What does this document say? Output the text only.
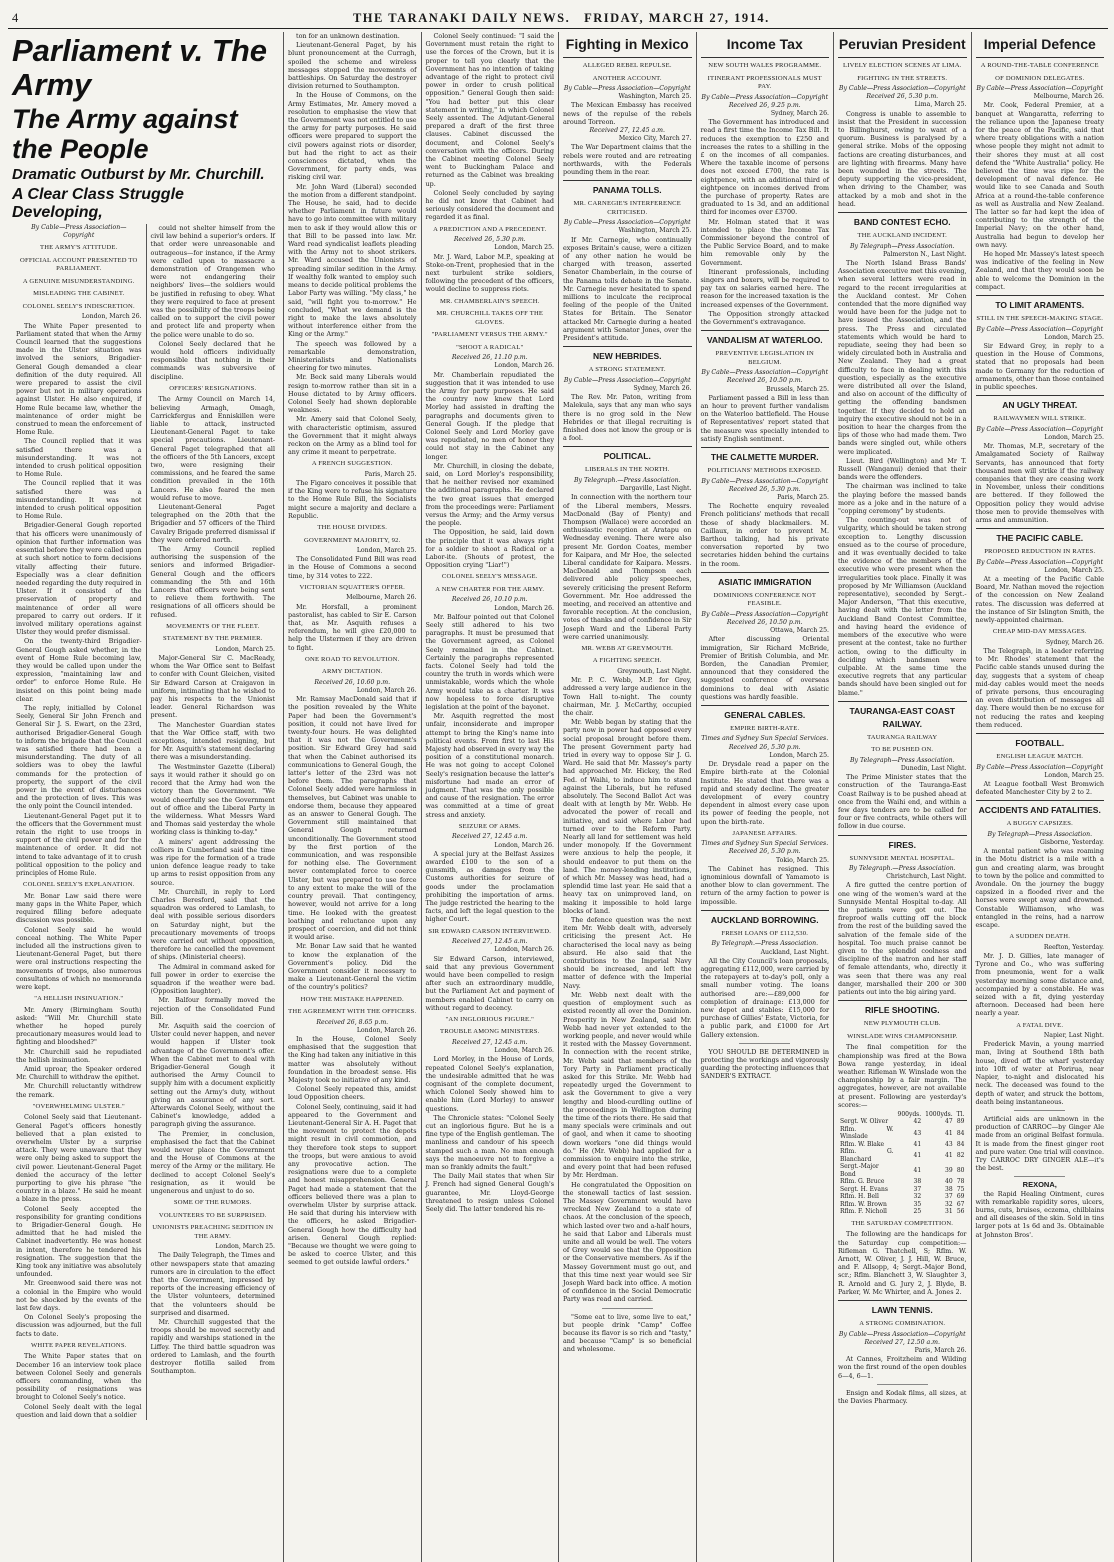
4	THE TARANAKI DAILY NEWS. FRIDAY, MARCH 27, 1914.
Parliament v. The Army
The Army against the People
Dramatic Outburst by Mr. Churchill.
A Clear Class Struggle Developing,
By Cable—Press Association—Copyright
THE ARMY'S ATTITUDE.
OFFICIAL ACCOUNT PRESENTED TO PARLIAMENT.
A GENUINE MISUNDERSTANDING.
MISLEADING THE CABINET.
COLONEL SEELY'S INDISCRETION.
London, March 26.

The White Paper presented to Parliament stated that when the Army Council learned that the suggestions made in the Ulster situation was involved the seniors, Brigadier-General Gough demanded a clear definition of the duty required. All were prepared to assist the civil power but not in military operations against Ulster. He also enquired, if Home Rule became law, whether the maintenance of order might be construed to mean the enforcement of Home Rule.

The Council replied that it was satisfied there was a misunderstanding. It was not intended to crush political opposition to Home Rule.

The Council replied that it was satisfied there was a misunderstanding. It was not intended to crush political opposition to Home Rule.

Brigadier-General Gough reported that his officers were unanimously of opinion that further information was essential before they were called upon at such short notice to form decisions vitally affecting their future. Especially was a clear definition needed regarding the duty required in Ulster. If it consisted of the preservation of property and maintenance of order all were prepared to carry out orders. If it involved military operations against Ulster they would prefer dismissal.

On the twenty-third Brigadier-General Gough asked whether, in the event of Home Rule becoming law, they would be called upon under the expression, "maintaining law and order" to enforce Home Rule. He insisted on this point being made clear.

The reply, initialled by Colonel Seely, General Sir John French and General Sir J. S. Ewart, on the 23rd, authorised Brigadier-General Gough to inform the brigade that the Council was satisfied there had been a misunderstanding. The duty of all soldiers was to obey the lawful commands for the protection of property, the support of the civil power in the event of disturbances and the protection of lives. This was the only point the Council intended.

Lieutenant-General Paget put it to the officers that the Government must retain the right to use troops in support of the civil power and for the maintenance of order. It did not intend to take advantage of it to crush political opposition to the policy and principles of Home Rule.

COLONEL SEELY'S EXPLANATION.

Mr. Bonar Law said there were many gaps in the White Paper, which required filling before adequate discussion was possible.

Colonel Seely said he would conceal nothing. The White Paper included all the instructions given to Lieutenant-General Paget, but there were oral instructions respecting the movements of troops, also numerous consultations of which no memoranda were kept.

"A HELLISH INSINUATION."

Mr. Amery (Birmingham South) asked: "Will Mr. Churchill state whether he hoped purely precautionary measures would lead to fighting and bloodshed?"

Mr. Churchill said he repudiated the hellish insinuation.

Amid uproar, the Speaker ordered Mr. Churchill to withdraw the epithet.

Mr. Churchill reluctantly withdrew the remark.

"OVERWHELMING ULSTER."

Colonel Seely said that Lieutenant-General Paget's officers honestly believed that a plan existed to overwhelm Ulster by a surprise attack. They were unaware that they were only being asked to support the civil power. Lieutenant-General Paget denied the accuracy of the letter purporting to give his phrase "the country in a blaze." He said he meant a blaze in the press.

Colonel Seely accepted the responsibility for granting conditions to Brigadier-General Gough. He admitted that he had misled the Cabinet inadvertently. He was honest in intent, therefore he tendered his resignation. The suggestion that the King took any initiative was absolutely unfounded.

Mr. Greenwood said there was not a colonial in the Empire who would not be shocked by the events of the last few days.

On Colonel Seely's proposing the discussion was adjourned, but the full facts to date.

WHITE PAPER REVELATIONS.

The White Paper states that on December 16 an interview took place between Colonel Seely and generals officers commanding, when the possibility of resignations was brought to Colonel Seely's notice.

Colonel Seely dealt with the legal question and laid down that a soldier

could not shelter himself from the civil law behind a superior's orders. If that order were unreasonable and outrageous—for instance, if the Army were called upon to massacre a demonstration of Orangemen who were not endangering their neighbors' lives—the soldiers would be justified in refusing to obey. What they were required to face at present was the possibility of the troops being called on to support the civil power and protect life and property when the police were unable to do so.

Colonel Seely declared that he would hold officers individually responsible that nothing in their commands was subversive of discipline.

OFFICERS' RESIGNATIONS.

The Army Council on March 14, believing Armagh, Omagh, Carrickfergus and Enniskillen were liable to attack, instructed Lieutenant-General Paget to take special precautions. Lieutenant-General Paget telegraphed that all the officers of the 5th Lancers, except two, were resigning their commissions, and he feared the same condition prevailed in the 16th Lancers. He also feared the men would refuse to move.

Lieutenant-General Paget telegraphed on the 20th that the Brigadier and 57 officers of the Third Cavalry Brigade preferred dismissal if they were ordered north.

The Army Council replied authorising the suspension of the seniors and informed Brigadier-General Gough and the officers commanding the 5th and 16th Lancers that officers were being sent to relieve them forthwith. The resignations of all officers should be refused.

MOVEMENTS OF THE FLEET.
STATEMENT BY THE PREMIER.
London, March 25.

Major-General Sir C. MacReady, whom the War Office sent to Belfast to confer with Count Gleichen, visited Sir Edward Carson at Craigavon in uniform, intimating that he wished to pay his respects to the Unionist leader. General Richardson was present.

The Manchester Guardian states that the War Office staff, with two exceptions, intended resigning, but for Mr. Asquith's statement declaring there was a misunderstanding.

The Westminster Gazette (Liberal) says it would rather it should go on record that the Army had won the victory than the Government. "We would cheerfully see the Government out of office and the Liberal Party in the wilderness. What Messrs Ward and Thomas said yesterday the whole working class is thinking to-day."

A miners' agent addressing the colliers in Cumberland said the time was ripe for the formation of a trade union defence league ready to take up arms to resist opposition from any source.

Mr. Churchill, in reply to Lord Charles Beresford, said that the squadron was ordered to Lamlash, to deal with possible serious disorders on Saturday night, but the precautionary movements of troops were carried out without opposition, therefore he cancelled the movement of ships. (Ministerial cheers).

The Admiral in command asked for full power in order to exercise the squadron if the weather were bad. (Opposition laughter).

Mr. Balfour formally moved the rejection of the Consolidated Fund Bill.

Mr. Asquith said the coercion of Ulster could never happen, and never would happen if Ulster took advantage of the Government's offer. When the Cabinet met to deal with Brigadier-General Gough it authorised the Army Council to supply him with a document explicitly setting out the Army's duty, without giving an assurance of any sort. Afterwards Colonel Seely, without the Cabinet's knowledge, added a paragraph giving the assurance.

The Premier, in conclusion, emphasised the fact that the Cabinet would never place the Government and the House of Commons at the mercy of the Army or the military. He declined to accept Colonel Seely's resignation, as it would be ungenerous and unjust to do so.

SOME OF THE RUMORS.
VOLUNTEERS TO BE SURPRISED.
UNIONISTS PREACHING SEDITION IN THE ARMY.
London, March 25.

The Daily Telegraph, the Times and other newspapers state that amazing rumors are in circulation to the effect that the Government, impressed by reports of the increasing efficiency of the Ulster volunteers, determined that the volunteers should be surprised and disarmed.

Mr. Churchill suggested that the troops should be moved secretly and rapidly and warships stationed in the Liffey. The third battle squadron was ordered to Lamlash, and the fourth destroyer flotilla sailed from Southampton.

ton for an unknown destination.

Lieutenant-General Paget, by his blunt pronouncement at the Curragh, spoiled the scheme and wireless messages stopped the movements of battleships. On Saturday the destroyer division returned to Southampton.

In the House of Commons, on the Army Estimates, Mr. Amery moved a resolution to emphasise the view that the Government was not entitled to use the army for party purposes. He said officers were prepared to support the civil powers against riots or disorder, but had the right to act as their consciences dictated, when the Government, for party ends, was risking civil war.

Mr. John Ward (Liberal) seconded the motion from a different standpoint. The House, he said, had to decide whether Parliament in future would have to go into committee with military men to ask if they would allow this or that Bill to be passed into law. Mr. Ward read syndicalist leaflets pleading with the Army not to shoot strikers. Mr. Ward accused the Unionists of spreading similar sedition in the Army. If wealthy folk wanted to employ such means to decide political problems the Labor Party was willing. "My class," he said, "will fight you to-morrow." He concluded, "What we demand is the right to make the laws absolutely without interference either from the King or the Army."

The speech was followed by a remarkable demonstration, Ministerialists and Nationalists cheering for two minutes.

Mr. Beck said many Liberals would resign to-morrow rather than sit in a House dictated to by Army officers. Colonel Seely had shown deplorable weakness.

Mr. Amery said that Colonel Seely, with characteristic optimism, assured the Government that it might always reckon on the Army as a blind tool for any crime it meant to perpetrate.

A FRENCH SUGGESTION.
Paris, March 25.

The Figaro conceives it possible that if the King were to refuse his signature to the Home Rule Bill, the Socialists might secure a majority and declare a Republic.

THE HOUSE DIVIDES.
GOVERNMENT MAJORITY, 92.
London, March 25.

The Consolidated Fund Bill was read in the House of Commons a second time, by 314 votes to 222.

VICTORIAN SQUATTER'S OFFER.
Melbourne, March 26.

Mr. Horsfall, a prominent pastoralist, has cabled to Sir E. Carson that, as Mr. Asquith refuses a referendum, he will give £20,000 to help the Ulstermen if they are driven to fight.

ONE ROAD TO REVOLUTION.
ARMY DICTATION.
Received 26, 10.60 p.m.
London, March 26.

Mr. Ramsay MacDonald said that if the position revealed by the White Paper had been the Government's position, it could not have lived for twenty-four hours. He was delighted that it was not the Government's position. Sir Edward Grey had said that when the Cabinet authorised its communications to General Gough, the latter's letter of the 23rd was not before them. The paragraphs that Colonel Seely added were harmless in themselves, but Cabinet was unable to endorse them, because they appeared as an answer to General Gough. The Government still maintained that General Gough returned unconditionally. The Government stood by the first portion of the communication, and was responsible for nothing else. The Government never contemplated force to coerce Ulster, but was prepared to use force to any extent to make the will of the country prevail. That contingency, however, would not arrive for a long time. He looked with the greatest loathing and reluctance upon any prospect of coercion, and did not think it would arise.

Mr. Bonar Law said that he wanted to know the explanation of the Government's policy. Did the Government consider it necessary to make a Lieutenant-General the victim of the country's politics?

HOW THE MISTAKE HAPPENED.
THE AGREEMENT WITH THE OFFICERS.
Received 26, 8.65 p.m.
London, March 26.

In the House, Colonel Seely emphasised that the suggestion that the King had taken any initiative in this matter was absolutely without foundation in the broadest sense. His Majesty took no initiative of any kind.

Colonel Seely repeated this, amidst loud Opposition cheers.

Colonel Seely, continuing, said it had appeared to the Government and Lieutenant-General Sir A. H. Paget that the movement to protect the depots might result in civil commotion, and they therefore took steps to support the troops, but were anxious to avoid any provocative action. The resignations were due to a complete and honest misapprehension. General Paget had made a statement that the officers believed there was a plan to overwhelm Ulster by surprise attack. He said that during his interview with the officers, he asked Brigadier-General Gough how the difficulty had arisen. General Gough replied: "Because we thought we were going to be asked to coerce Ulster, and this seemed to get outside lawful orders."

Colonel Seely continued: "I said the Government must retain the right to use the forces of the Crown, but it is proper to tell you clearly that the Government has no intention of taking advantage of the right to protect civil power in order to crush political opposition." General Gough then said: "You had better put this clear statement in writing," in which Colonel Seely assented. The Adjutant-General prepared a draft of the first three clauses. Cabinet discussed the document, and Colonel Seely's conversation with the officers. During the Cabinet meeting Colonel Seely went to Buckingham Palace and returned as the Cabinet was breaking up.

Colonel Seely concluded by saying he did not know that Cabinet had seriously considered the document and regarded it as final.

A PREDICTION AND A PRECEDENT.
Received 26, 5.30 p.m.
London, March 25.

Mr. J. Ward, Labor M.P., speaking at Stoke-on-Trent, prophesied that in the next turbulent strike soldiers, following the precedent of the officers, would decline to suppress riots.

MR. CHAMBERLAIN'S SPEECH.
MR. CHURCHILL TAKES OFF THE GLOVES.
"PARLIAMENT VERSUS THE ARMY."
"SHOOT A RADICAL"
Received 26, 11.10 p.m.
London, March 26.

Mr. Chamberlain repudiated the suggestion that it was intended to use the Army for party purposes. He said the country now knew that Lord Morley had assisted in drafting the paragraphs and documents given to General Gough. If the pledge that Colonel Seely and Lord Morley gave was repudiated, no men of honor they could not stay in the Cabinet any longer.

Mr. Churchill, in closing the debate, said, on Lord Morley's responsibility, that he neither revised nor examined the additional paragraphs. He declared the two great issues that emerged from the proceedings were: Parliament versus the Army; and the Army versus the people.

The Opposition, he said, laid down the principle that it was always right for a soldier to shoot a Radical or a Labor-ite. (Shouts of protest, the Opposition crying "Liar!")

COLONEL SEELY'S MESSAGE.
A NEW CHARTER FOR THE ARMY.
Received 26, 10.10 p.m.
London, March 26.

Mr. Balfour pointed out that Colonel Seely still adhered to his two paragraphs. It must be presumed that the Government agreed, as Colonel Seely remained in the Cabinet. Certainly the paragraphs represented facts. Colonel Seely had told the country the truth in words which were unmistakable, words which the whole Army would take as a charter. It was now hopeless to force disruptive legislation at the point of the bayonet.

Mr. Asquith regretted the most unfair, inconsiderate and improper attempt to bring the King's name into political events. From first to last His Majesty had observed in every way the position of a constitutional monarch. He was not going to accept Colonel Seely's resignation because the latter's misfortune had made an error of judgment. That was the only possible and cause of the resignation. The error was committed at a time of great stress and anxiety.

SEIZURE OF ARMS.
Received 27, 12.45 a.m.
London, March 26.

A special jury at the Belfast Assizes awarded £100 to the son of a gunsmith, as damages from the Customs authorities for seizure of goods under the proclamation prohibiting the importation of arms. The judge restricted the hearing to the facts, and left the legal question to the higher Court.

SIR EDWARD CARSON INTERVIEWED.
Received 27, 12.45 a.m.
London, March 26.

Sir Edward Carson, interviewed, said that any previous Government would have been compelled to resign after such an extraordinary muddle, but the Parliament Act and payment of members enabled Cabinet to carry on without regard to decency.

"AN INGLORIOUS FIGURE."
TROUBLE AMONG MINISTERS.
Received 27, 12.45 a.m.
London, March 26.

Lord Morley, in the House of Lords, repeated Colonel Seely's explanation, the undesirable admitted that he was cognisant of the complete document, which Colonel Seely showed him to enable him (Lord Morley) to answer questions.

The Chronicle states: "Colonel Seely cut an inglorious figure. But he is a fine type of the English gentleman. The manliness and candour of his speech stamped such a man. No man enough says the manoeuvre not to forgive a man so frankly admits the fault."

The Daily Mail states that when Sir J. French had signed General Gough's guarantee, Mr. Lloyd-George threatened to resign unless Colonel Seely did. The latter tendered his re-

Fighting in Mexico
ALLEGED REBEL REPULSE.
ANOTHER ACCOUNT.
By Cable—Press Association—Copyright
Washington, March 25.

The Mexican Embassy has received news of the repulse of the rebels around Torreon.

Received 27, 12.45 a.m.
Mexico City, March 27.

The War Department claims that the rebels were routed and are retreating northwards, with the Federals pounding them in the rear.

PANAMA TOLLS.
MR. CARNEGIE'S INTERFERENCE CRITICISED.
By Cable—Press Association—Copyright
Washington, March 25.

If Mr. Carnegie, who continually exposes Britain's cause, were a citizen of any other nation he would be charged with treason, asserted Senator Chamberlain, in the course of the Panama tolls debate in the Senate. Mr. Carnegie never hesitated to spend millions to inculcate the reciprocal feeling of the people of the United States for Britain. The Senator attacked Mr. Carnegie during a heated argument with Senator Jones, over the President's attitude.

NEW HEBRIDES.
A STRONG STATEMENT.
By Cable—Press Association—Copyright
Sydney, March 26.

The Rev. Mr. Paton, writing from Malekula, says that any man who says there is no grog sold in the New Hebrides or that illegal recruiting is finished does not know the group or is a fool.

POLITICAL.
LIBERALS IN THE NORTH.
By Telegraph.—Press Association.
Dargaville, Last Night.

In connection with the northern tour of the Liberal members, Messrs. MacDonald (Bay of Plenty) and Thompson (Wallace) were accorded an enthusiastic reception at Aratapu on Wednesday evening. There were also present Mr. Gordon Coates, member for Kaipara, and Mr Hoe, the selected Liberal candidate for Kaipara. Messrs. MacDonald and Thompson each delivered able policy speeches, severely criticising the present Reform Government. Mr. Hoe addressed the meeting, and received an attentive and favorable reception. At the conclusion, votes of thanks and of confidence in Sir Joseph Ward and the Liberal Party were carried unanimously.

MR. WEBB AT GREYMOUTH.
A FIGHTING SPEECH.
Greymouth, Last Night.

Mr. P. C. Webb, M.P. for Grey, addressed a very large audience in the Town Hall to-night. The county chairman, Mr. J. McCarthy, occupied the chair.

Mr. Webb began by stating that the party now in power had opposed every social proposal brought before them. The present Government party had tried in every way to oppose Sir J. G. Ward. He said that Mr. Massey's party had approached Mr. Hickey, the Red Fed. of Waihi, to induce him to stand against the Liberals, but he refused absolutely. The Second Ballot Act was dealt with at length by Mr. Webb. He advocated the power of recall and initiative, and said where Labor had turned over to the Reform Party. Nearly all land for settlement was held under monopoly. If the Government were anxious to help the people, it should endeavor to put them on the land. The money-lending institutions, of which Mr. Massey was head, had a splendid time last year. He said that a heavy tax on unimproved land, on making it impossible to hold large blocks of land.

The defence question was the next item Mr. Webb dealt with, adversely criticising the present Act. He characterised the local navy as being absurd. He also said that the contributions to the Imperial Navy should be increased, and left the matter of defence with the Imperial Navy.

Mr. Webb next dealt with the question of employment such as existed recently all over the Dominion. Prosperity in New Zealand, said Mr. Webb had never yet extended to the working people, and never would while it rested with the Massey Government. In connection with the recent strike, Mr. Webb said that members of the Tory Party in Parliament practically asked for this Strike. Mr. Webb had repeatedly urged the Government to ask the Government to give a very lengthy and blood-curdling outline of the proceedings in Wellington during the time of the riots there. He said that many specials were criminals and out of gaol, and when it came to shooting down workers "one did things would do." He (Mr. Webb) had applied for a commission to enquire into the strike, and every point that had been refused by Mr. Herdman.

He congratulated the Opposition on the stonewall tactics of last session. The Massey Government would have wrecked New Zealand to a state of chaos. At the conclusion of the speech, which lasted over two and a-half hours, he said that Labor and Liberals must unite and all would be well. The voters of Grey would see that the Opposition or the Conservative members. As if the Massey Government must go out, and that this time next year would see Sir Joseph Ward back into office. A motion of confidence in the Social Democratic Party was read and carried.

"Some eat to live, some live to eat," but people drink "Camp" Coffee because its flavor is so rich and "tasty," and because "Camp" is so beneficial and wholesome.

Income Tax
NEW SOUTH WALES PROGRAMME.
ITINERANT PROFESSIONALS MUST PAY.
By Cable—Press Association—Copyright
Received 26, 9.25 p.m.
Sydney, March 26.

The Government has introduced and read a first time the Income Tax Bill. It reduces the exemption to £250 and increases the rates to a shilling in the £ on the incomes of all companies. Where the taxable income of persons does not exceed £700, the rate is eightpence, with an additional third of eightpence on incomes derived from the purchase of property. Rates are graduated to 1s 3d, and an additional third for incomes over £3700.

Mr. Holman stated that it was intended to place the Income Tax Commissioner beyond the control of the Public Service Board, and to make him removable only by the Government.

Itinerant professionals, including singers and boxers, will be required to pay tax on salaries earned here. The reason for the increased taxation is the increased expenses of the Government.

The Opposition strongly attacked the Government's extravagance.

VANDALISM AT WATERLOO.
PREVENTIVE LEGISLATION IN BELGIUM.
By Cable—Press Association—Copyright
Received 26, 10.50 p.m.
Brussels, March 25.

Parliament passed a Bill in less than an hour to prevent further vandalism on the Waterloo battlefield. The House of Representatives' report stated that the measure was specially intended to satisfy English sentiment.

THE CALMETTE MURDER.
POLITICIANS' METHODS EXPOSED.
By Cable—Press Association—Copyright
Received 26, 5.30 p.m.
Paris, March 25.

The Rochette enquiry revealed French politicians' methods that recall those of shady blackmailers. M. Caillaux, in order to prevent M. Barthou talking, had his private conversation reported by two secretaries hidden behind the curtains in the room.

ASIATIC IMMIGRATION
DOMINIONS CONFERENCE NOT FEASIBLE.
By Cable—Press Association—Copyright
Received 26, 10.50 p.m.
Ottawa, March 25.

After discussing Oriental immigration, Sir Richard McBride, Premier of British Columbia, and Mr. Borden, the Canadian Premier, announced that they considered the suggested conference of overseas dominions to deal with Asiatic questions was hardly feasible.

GENERAL CABLES.
EMPIRE BIRTH-RATE.
Times and Sydney Sun Special Services.
Received 26, 5.30 p.m.
London, March 25.

Dr. Drysdale read a paper on the Empire birth-rate at the Colonial Institute. He stated that there was a rapid and steady decline. The greater development of every country dependent in almost every case upon its power of feeding the people, not upon the birth-rate.

JAPANESE AFFAIRS.
Times and Sydney Sun Special Services.
Received 26, 5.30 p.m.
Tokio, March 25.

The Cabinet has resigned. This ignominious downfall of Yamamoto is another blow to clan government. The return of the army faction to power is impossible.

AUCKLAND BORROWING.
FRESH LOANS OF £112,530.
By Telegraph.—Press Association.
Auckland, Last Night.

All the City Council's loan proposals, aggregating £112,000, were carried by the ratepayers at to-day's poll, only a small number voting. The loans authorised are:—£89,000 for completion of drainage: £13,000 for new depot and stables: £15,000 for purchase of Gillies' Estate, Victoria, for a public park, and £1000 for Art Gallery extension.

YOU SHOULD BE DETERMINED in protecting the workings and vigorously guarding the protecting influences that SANDER'S EXTRACT.

Peruvian President
LIVELY ELECTION SCENES AT LIMA.
FIGHTING IN THE STREETS.
By Cable—Press Association—Copyright
Received 26, 5.30 p.m.
Lima, March 25.

Congress is unable to assemble to insist that the President in succession to Billinghurst, owing to want of a quorum. Business is paralysed by a general strike. Mobs of the opposing factions are creating disturbances, and are lighting with firearms. Many have been wounded in the streets. The deputy supporting the vice-president, when driving to the Chamber, was attacked by a mob and shot in the head.

BAND CONTEST ECHO.
THE AUCKLAND INCIDENT.
By Telegraph—Press Association.
Palmerston N., Last Night.

The North Island Brass Bands' Association executive met this evening, when several letters were read in regard to the recent irregularities at the Auckland contest. Mr Cohen contended that the more dignified way would have been for the judge not to have issued the Association, and the press. The Press and circulated statements which would be hard to repudiate, seeing they had been so widely circulated both in Australia and New Zealand. They had a great difficulty to face in dealing with this question, especially as the executive were distributed all over the Island, and also on account of the difficulty of getting the offending bandsmen together. If they decided to hold an inquiry the executive should not be in a position to hear the charges from the lips of those who had made them. Two bands were singled out, while others were implicated.

Lieut. Bird (Wellington) and Mr T. Russell (Wanganui) denied that their bands were the offenders.

The chairman was inclined to take the playing before the massed bands more as a joke and in the nature of a "copping ceremony" by students.

The counting-out was not of vulgarity, which should be taken strong exception to. Lengthy discussion ensued as to the course of procedure, and it was eventually decided to take the evidence of the members of the executive who were present when the irregularities took place. Finally it was proposed by Mr Williamson (Auckland representative), seconded by Sergt.-Major Anderson, "That this executive, having dealt with the letter from the Auckland Band Contest Committee, and having heard the evidence of members of the executive who were present at the contest, take no further action, owing to the difficulty in deciding which bandsmen were culpable. At the same time the executive regrets that any particular bands should have been singled out for blame."

TAURANGA-EAST COAST
RAILWAY.
TAURANGA RAILWAY
TO BE PUSHED ON.
By Telegraph—Press Association.
Dunedin, Last Night.

The Prime Minister states that the construction of the Tauranga-East Coast Railway is to be pushed ahead at once from the Waihi end, and within a few days tenders are to be called for four or five contracts, while others will follow in due course.

FIRES.
SUNNYSIDE MENTAL HOSPITAL.
By Telegraph.—Press Association.
Christchurch, Last Night.

A fire gutted the centre portion of one wing of the women's ward at the Sunnyside Mental Hospital to-day. All the patients were got out. The fireproof walls cutting off the block from the rest of the building saved the salvation of the female side of the hospital. Too much praise cannot be given to the splendid coolness and discipline of the matron and her staff of female attendants, who, directly it was seen that there was any real danger, marshalled their 200 or 300 patients out into the big airing yard.

RIFLE SHOOTING.
NEW PLYMOUTH CLUB.
WINSLADE WINS CHAMPIONSHIP.

The final competition for the championship was fired at the Bowa Bowa range yesterday, in ideal weather. Rifleman W. Winslade won the championship by a fair margin. The aggregates, however, are not available at present. Following are yesterday's scores:—

	900yds.	1000yds.	Tl.
Sergt. W. Oliver	42	47	89
Rflm. W. Winslade	43	41	84
Rflm. W. Blake	41	43	84
Rflm. G. Blanchard	41	41	82
Sergt.-Major Bond	41	39	80
Rflm. G. Bruce	38	40	78
Sergt. H. Evans	37	38	75
Rflm. H. Bell	32	37	69
Rflm. W. Brown	35	32	67
Rflm. F. Nicholl	25	31	56
THE SATURDAY COMPETITION.

The following are the handicaps for the Saturday cup competition:—Rifleman G. Thatchell, S; Rflm. W. Arnott, W. Oliver, J. J. Hill, W. Bruce, and F. Allsopp, 4; Sergt.-Major Bond, scr.; Rflm. Blanchett 3, W. Slaughter 3, R. Arnold and G. Jury 2, J. Blyde, B. Parker, W. Mc Whirter, and A. Jones 2.

LAWN TENNIS.
A STRONG COMBINATION.
By Cable—Press Association—Copyright
Received 27, 12.50 a.m.
Paris, March 26.

At Cannes, Froitzheim and Wilding won the first round of the open doubles 6—4, 6—1.

Ensign and Kodak films, all sizes, at the Davies Pharmacy.

Imperial Defence
A ROUND-THE-TABLE CONFERENCE
OF DOMINION DELEGATES.
By Cable—Press Association—Copyright
Melbourne, March 26.

Mr. Cook, Federal Premier, at a banquet at Wangaratta, referring to the reliance upon the Japanese treaty for the peace of the Pacific, said that where treaty obligations with a nation whose people they might not admit to their shores they must at all cost defend the "White Australia" policy. He believed the time was ripe for the development of naval defence. He would like to see Canada and South Africa at a round-the-table conference as well as Australia and New Zealand. The latter so far had kept the idea of contributing to the strength of the Imperial Navy; on the other hand, Australia had begun to develop her own navy.

He hoped Mr. Massey's latest speech was indicative of the feeling in New Zealand, and that they would soon be able to welcome the Dominion in the compact.

TO LIMIT ARAMENTS.
STILL IN THE SPEECH-MAKING STAGE.
By Cable—Press Association—Copyright
London, March 25.

Sir Edward Grey, in reply to a question in the House of Commons, stated that no proposals had been made to Germany for the reduction of armaments, other than those contained in public speeches.

AN UGLY THREAT.
RAILWAYMEN WILL STRIKE.
By Cable—Press Association—Copyright
London, March 25.

Mr. Thomas, M.P., secretary of the Amalgamated Society of Railway Servants, has announced that forty thousand men will strike if the railway companies that they are ceasing work in November, unless their conditions are bettered. If they followed the Opposition policy they would advise those men to provide themselves with arms and ammunition.

THE PACIFIC CABLE.
PROPOSED REDUCTION IN RATES.
By Cable—Press Association—Copyright
London, March 25.

At a meeting of the Pacific Cable Board, Mr. Nathan moved the rejection of the concession on New Zealand rates. The discussion was deferred at the instance of Sir Islington Smith, the newly-appointed chairman.

CHEAP MID-DAY MESSAGES.
Sydney, March 26.

The Telegraph, in a leader referring to Mr. Rhodes' statement that the Pacific cable stands unused during the day, suggests that a system of cheap mid-day cables would meet the needs of private persons, thus encouraging an even distribution of messages all day. There would then be no excuse for not reducing the rates and keeping them reduced.

FOOTBALL.
ENGLISH LEAGUE MATCH.
By Cable—Press Association—Copyright
London, March 25.

At League football West Bromwich defeated Manchester City by 2 to 2.

ACCIDENTS AND FATALITIES.
A BUGGY CAPSIZES.
By Telegraph—Press Association.
Gisborne, Yesterday.

A mental patient who was roaming in the Motu district is a mile with a gun and creating alarm, was brought to town by the police and committed to Avondale. On the journey the buggy capsized in a flooded river and the horses were swept away and drowned. Constable Williamson, who was entangled in the reins, had a narrow escape.

A SUDDEN DEATH.
Reefton, Yesterday.

Mr. J. D. Gillies, late manager of Tyrone and Co., who was suffering from pneumonia, went for a walk yesterday morning some distance and, accompanied by a constable. He was seized with a fit, dying yesterday afternoon. Deceased had been here nearly a year.

A FATAL DIVE.
Napier, Last Night.

Frederick Mavin, a young married man, living at Southend 18th bath house, dived off the wharf yesterday into 10ft of water at Porirua, near Napier, to-night and dislocated his neck. The deceased was found to the depth of water, and struck the bottom, death being instantaneous.

Artificial aids are unknown in the production of CARROC—by Ginger Ale made from an original Belfast formula. It is made from the finest ginger root and pure water. One trial will convince. Try CARROC DRY GINGER ALE—it's the best.

REXONA,

the Rapid Healing Ointment, cures with remarkable rapidity sores, ulcers, burns, cuts, bruises, eczema, chilblains and all diseases of the skin. Sold in tins larger pots at 1s 6d and 3s. Obtainable at Johnston Bros'.
